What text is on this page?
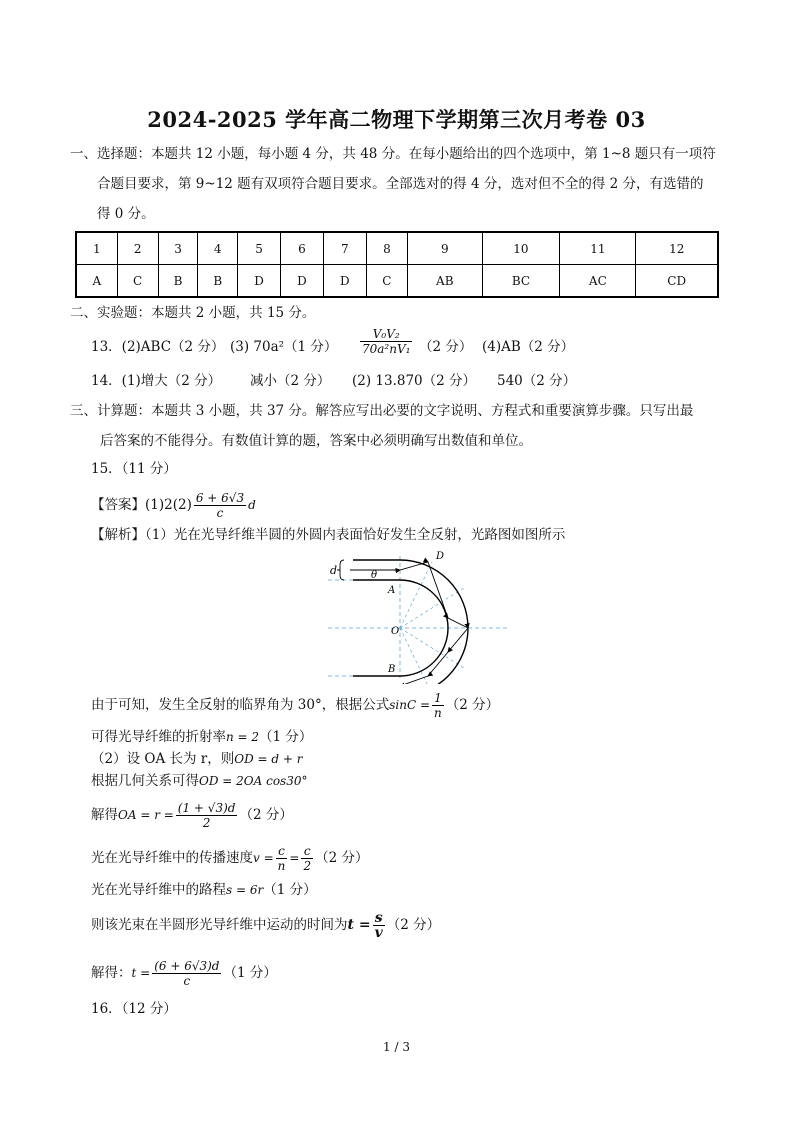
2024-2025 学年高二物理下学期第三次月考卷 03
一、选择题：本题共 12 小题，每小题 4 分，共 48 分。在每小题给出的四个选项中，第 1~8 题只有一项符
合题目要求，第 9~12 题有双项符合题目要求。全部选对的得 4 分，选对但不全的得 2 分，有选错的
得 0 分。
1	2	3	4	5	6	7	8	9	10	11	12
A	C	B	B	D	D	D	C	AB	BC	AC	CD
二、实验题：本题共 2 小题，共 15 分。
13．(2)ABC（2 分） (3) 70a²（1 分） $\frac{\text{V₀V₂}}{\text{70a²nV₁}} (2$ 分） (4)AB（2 分）
14．(1)增大（2 分） 减小（2 分） (2) 13.870（2 分） 540（2 分）
三、计算题：本题共 3 小题，共 37 分。解答应写出必要的文字说明、方程式和重要演算步骤。只写出最
后答案的不能得分。有数值计算的题，答案中必须明确写出数值和单位。
15．（11 分）
【答案】$(1)2(2) \frac{6 + 6√3}{c}$ d
【解析】（1）光在光导纤维半圆的外圆内表面恰好发生全反射，光路图如图所示
d	θ
A
D
O
B
由于可知，发生全反射的临界角为 30°，根据公式$\sin C = \frac{1}{n} (2$ 分）
可得光导纤维的折射率n = 2（1 分）
（2）设 OA 长为 r，则OD = d + r
根据几何关系可得OD = 2OA cos30°
解得OA = $r = \frac{(1 + √3)d}{2} (2$ 分）
光在光导纤维中的传播速度$v = \frac{c}{n} = \frac{c}{2} (2$ 分）
光在光导纤维中的路程s = 6r（1 分）
则该光束在半圆形光导纤维中运动的时间为$t = \frac{s}{v} (2$ 分）
解得：$t = \frac{(6 + 6√3)d}{c} (1$ 分）
16．（12 分）
1 / 3
